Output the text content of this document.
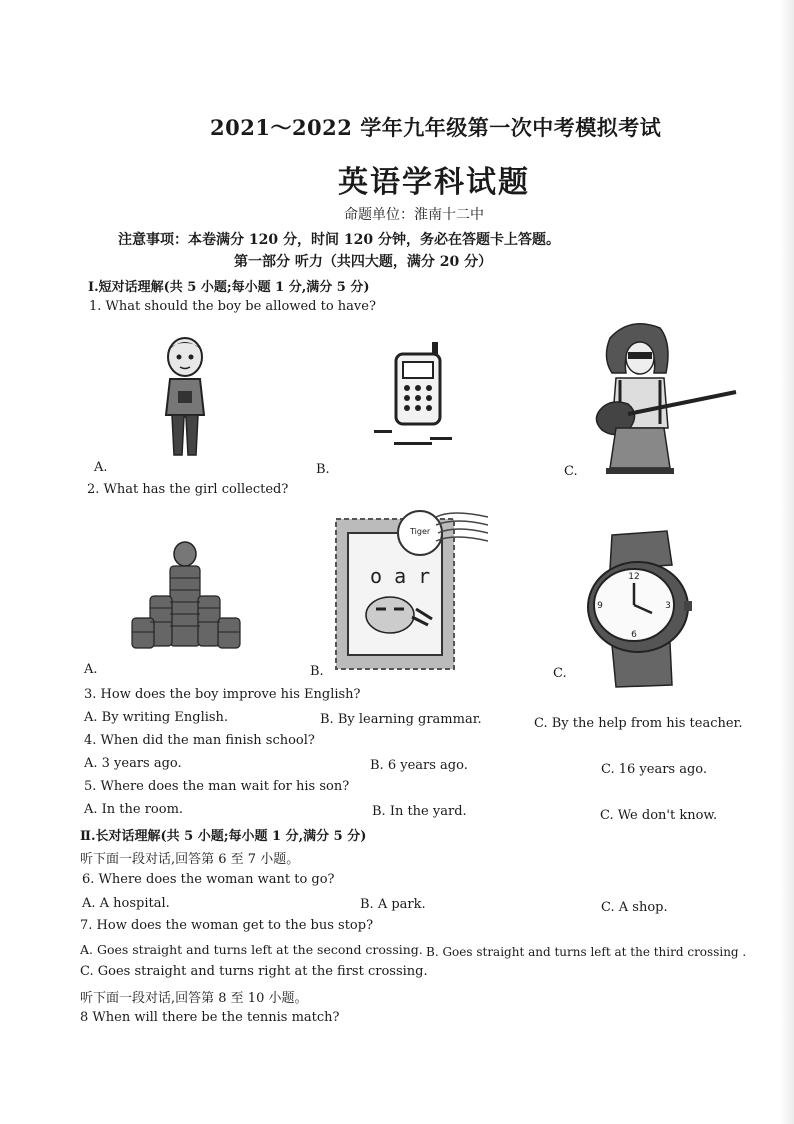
2021～2022 学年九年级第一次中考模拟考试
英语学科试题
命题单位：淮南十二中
注意事项：本卷满分 120 分，时间 120 分钟，务必在答题卡上答题。
第一部分 听力（共四大题，满分 20 分）
Ⅰ.短对话理解(共 5 小题;每小题 1 分,满分 5 分)
1. What should the boy be allowed to have?
A.	B.	C.
2. What has the girl collected?
o a r
Tiger
12
3
6
9
A.	B.	C.
3. How does the boy improve his English?
A. By writing English.	B. By learning grammar.	C. By the help from his teacher.
4. When did the man finish school?
A. 3 years ago.	B. 6 years ago.	C. 16 years ago.
5. Where does the man wait for his son?
A. In the room.	B. In the yard.	C. We don't know.
Ⅱ.长对话理解(共 5 小题;每小题 1 分,满分 5 分)
听下面一段对话,回答第 6 至 7 小题。
6. Where does the woman want to go?
A. A hospital.	B. A park.	C. A shop.
7. How does the woman get to the bus stop?
A. Goes straight and turns left at the second crossing. B. Goes straight and turns left at the third crossing .
C. Goes straight and turns right at the first crossing.
听下面一段对话,回答第 8 至 10 小题。
8 When will there be the tennis match?
